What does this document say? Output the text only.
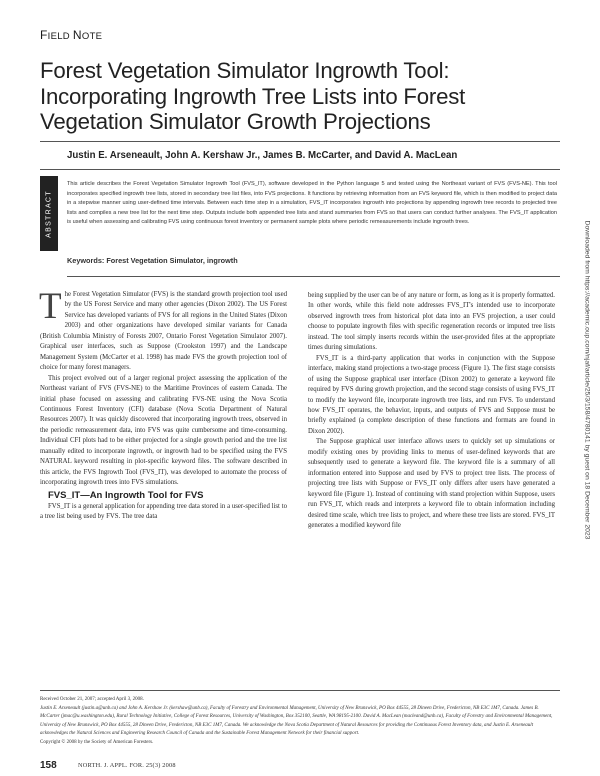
FIELD NOTE
Forest Vegetation Simulator Ingrowth Tool: Incorporating Ingrowth Tree Lists into Forest Vegetation Simulator Growth Projections
Justin E. Arseneault, John A. Kershaw Jr., James B. McCarter, and David A. MacLean
ABSTRACT

This article describes the Forest Vegetation Simulator Ingrowth Tool (FVS_IT), software developed in the Python language 5 and tested using the Northeast variant of FVS (FVS-NE). This tool incorporates specified ingrowth tree lists, stored in secondary tree list files, into FVS projections. It functions by retrieving information from an FVS keyword file, which is then modified to project data in a stepwise manner using user-defined time intervals. Between each time step in a simulation, FVS_IT incorporates ingrowth into projections by appending ingrowth tree records to projected tree lists and compiles a new tree list for the next time step. Outputs include both appended tree lists and stand summaries from FVS so that users can conduct further analyses. The FVS_IT application is useful when assessing and calibrating FVS using continuous forest inventory or permanent sample plots where periodic remeasurements include ingrowth trees.

Keywords: Forest Vegetation Simulator, ingrowth

The Forest Vegetation Simulator (FVS) is the standard growth projection tool used by the US Forest Service and many other agencies (Dixon 2002). The US Forest Service has developed variants of FVS for all regions in the United States (Dixon 2003) and other organizations have developed similar variants for Canada (British Columbia Ministry of Forests 2007, Ontario Forest Vegetation Simulator 2007). Graphical user interfaces, such as Suppose (Crookston 1997) and the Landscape Management System (McCarter et al. 1998) has made FVS the growth projection tool of choice for many forest managers.

This project evolved out of a larger regional project assessing the application of the Northeast variant of FVS (FVS-NE) to the Maritime Provinces of eastern Canada. The initial phase focused on assessing and calibrating FVS-NE using the Nova Scotia Continuous Forest Inventory (CFI) database (Nova Scotia Department of Natural Resources 2007). It was quickly discovered that incorporating ingrowth trees, observed in the periodic remeasurement data, into FVS was quite cumbersome and time-consuming. Individual CFI plots had to be either projected for a single growth period and the tree list manually edited to incorporate ingrowth, or ingrowth had to be specified using the FVS NATURAL keyword resulting in plot-specific keyword files. The software described in this article, the FVS Ingrowth Tool (FVS_IT), was developed to automate the process of incorporating ingrowth trees into FVS simulations.

FVS_IT—An Ingrowth Tool for FVS

FVS_IT is a general application for appending tree data stored in a user-specified list to a tree list being used by FVS. The tree data

being supplied by the user can be of any nature or form, as long as it is properly formatted. In other words, while this field note addresses FVS_IT's intended use to incorporate observed ingrowth trees from historical plot data into an FVS projection, a user could choose to populate ingrowth files with specific regeneration records or imputed tree lists instead. The tool simply inserts records within the user-provided files at the appropriate times during simulations.

FVS_IT is a third-party application that works in conjunction with the Suppose interface, making stand projections a two-stage process (Figure 1). The first stage consists of using the Suppose graphical user interface (Dixon 2002) to generate a keyword file required by FVS during growth projection, and the second stage consists of using FVS_IT to modify the keyword file, incorporate ingrowth tree lists, and run FVS. To understand how FVS_IT operates, the behavior, inputs, and outputs of FVS and Suppose must be briefly explained (a complete description of these functions and formats are found in Dixon 2002).

The Suppose graphical user interface allows users to quickly set up simulations or modify existing ones by providing links to menus of user-defined keywords that are subsequently used to generate a keyword file. The keyword file is a summary of all information entered into Suppose and used by FVS to project tree lists. The process of projecting tree lists with Suppose or FVS_IT only differs after users have generated a keyword file (Figure 1). Instead of continuing with stand projection within Suppose, users run FVS_IT, which reads and interprets a keyword file to obtain information including desired time scale, which tree lists to project, and where these tree lists are stored. FVS_IT generates a modified keyword file

Received October 21, 2007; accepted April 3, 2008.

Justin E. Arseneault (justin.a@unb.ca) and John A. Kershaw Jr. (kershaw@unb.ca), Faculty of Forestry and Environmental Management, University of New Brunswick, PO Box 44555, 28 Dineen Drive, Fredericton, NB E3C 1M7, Canada. James B. McCarter (jmac@u.washington.edu), Rural Technology Initiative, College of Forest Resources, University of Washington, Box 352100, Seattle, WA 98195-2100. David A. MacLean (macleand@unb.ca), Faculty of Forestry and Environmental Management, University of New Brunswick, PO Box 44555, 28 Dineen Drive, Fredericton, NB E3C 1M7, Canada. We acknowledge the Nova Scotia Department of Natural Resources for providing the Continuous Forest Inventory data, and Justin E. Arseneault acknowledges the Natural Sciences and Engineering Research Council of Canada and the Sustainable Forest Management Network for their financial support.

Copyright © 2008 by the Society of American Foresters.

158	NORTH. J. APPL. FOR. 25(3) 2008
Downloaded from https://academic.oup.com/njaf/article/25/3/158/4780141 by guest on 18 December 2023
